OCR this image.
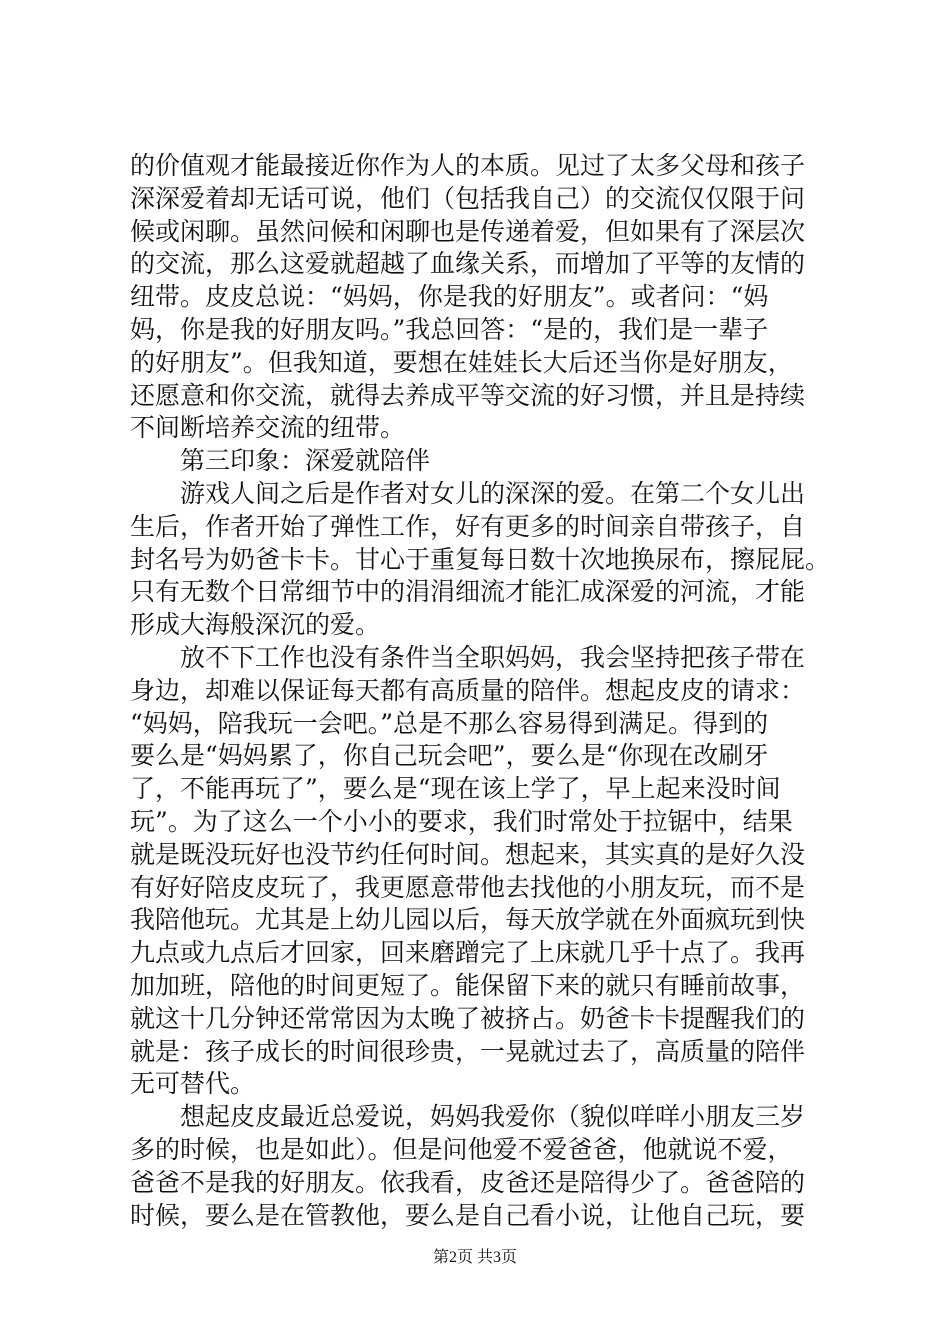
的价值观才能最接近你作为人的本质。见过了太多父母和孩子
深深爱着却无话可说，他们（包括我自己）的交流仅仅限于问
候或闲聊。虽然问候和闲聊也是传递着爱，但如果有了深层次
的交流，那么这爱就超越了血缘关系，而增加了平等的友情的
纽带。皮皮总说：“妈妈，你是我的好朋友”。或者问：“妈
妈，你是我的好朋友吗。”我总回答：“是的，我们是一辈子
的好朋友”。但我知道，要想在娃娃长大后还当你是好朋友，
还愿意和你交流，就得去养成平等交流的好习惯，并且是持续
不间断培养交流的纽带。
第三印象：深爱就陪伴
游戏人间之后是作者对女儿的深深的爱。在第二个女儿出
生后，作者开始了弹性工作，好有更多的时间亲自带孩子，自
封名号为奶爸卡卡。甘心于重复每日数十次地换尿布，擦屁屁。
只有无数个日常细节中的涓涓细流才能汇成深爱的河流，才能
形成大海般深沉的爱。
放不下工作也没有条件当全职妈妈，我会坚持把孩子带在
身边，却难以保证每天都有高质量的陪伴。想起皮皮的请求：
“妈妈，陪我玩一会吧。”总是不那么容易得到满足。得到的
要么是“妈妈累了，你自己玩会吧”，要么是“你现在改刷牙
了，不能再玩了”，要么是“现在该上学了，早上起来没时间
玩”。为了这么一个小小的要求，我们时常处于拉锯中，结果
就是既没玩好也没节约任何时间。想起来，其实真的是好久没
有好好陪皮皮玩了，我更愿意带他去找他的小朋友玩，而不是
我陪他玩。尤其是上幼儿园以后，每天放学就在外面疯玩到快
九点或九点后才回家，回来磨蹭完了上床就几乎十点了。我再
加加班，陪他的时间更短了。能保留下来的就只有睡前故事，
就这十几分钟还常常因为太晚了被挤占。奶爸卡卡提醒我们的
就是：孩子成长的时间很珍贵，一晃就过去了，高质量的陪伴
无可替代。
想起皮皮最近总爱说，妈妈我爱你（貌似咩咩小朋友三岁
多的时候，也是如此）。但是问他爱不爱爸爸，他就说不爱，
爸爸不是我的好朋友。依我看，皮爸还是陪得少了。爸爸陪的
时候，要么是在管教他，要么是自己看小说，让他自己玩，要
第2页 共3页
